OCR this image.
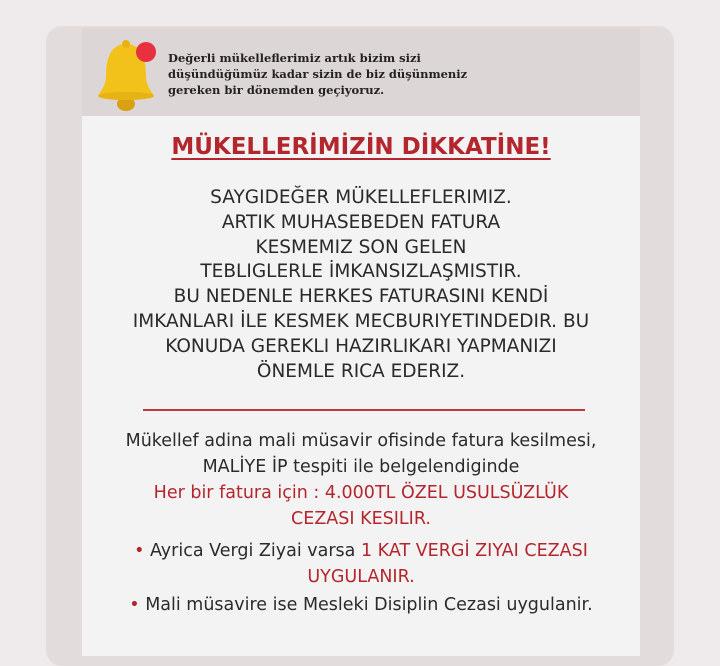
Değerli mükelleflerimiz artık bizim sizi
düşündüğümüz kadar sizin de biz düşünmeniz
gereken bir dönemden geçiyoruz.
MÜKELLERİMİZİN DİKKATİNE!
SAYGIDEĞER MÜKELLEFLERIMIZ.
ARTIK MUHASEBEDEN FATURA
KESMEMIZ SON GELEN
TEBLIGLERLE İMKANSIZLAŞMISTIR.
BU NEDENLE HERKES FATURASINI KENDİ
IMKANLARI İLE KESMEK MECBURIYETINDEDIR. BU
KONUDA GEREKLI HAZIRLIKARI YAPMANIZI
ÖNEMLE RICA EDERIZ.
Mükellef adina mali müsavir ofisinde fatura kesilmesi,
MALİYE İP tespiti ile belgelendiginde
Her bir fatura için : 4.000TL ÖZEL USULSÜZLÜK
CEZASI KESILIR.
• Ayrica Vergi Ziyai varsa 1 KAT VERGİ ZIYAI CEZASI
UYGULANIR.
• Mali müsavire ise Mesleki Disiplin Cezasi uygulanir.
